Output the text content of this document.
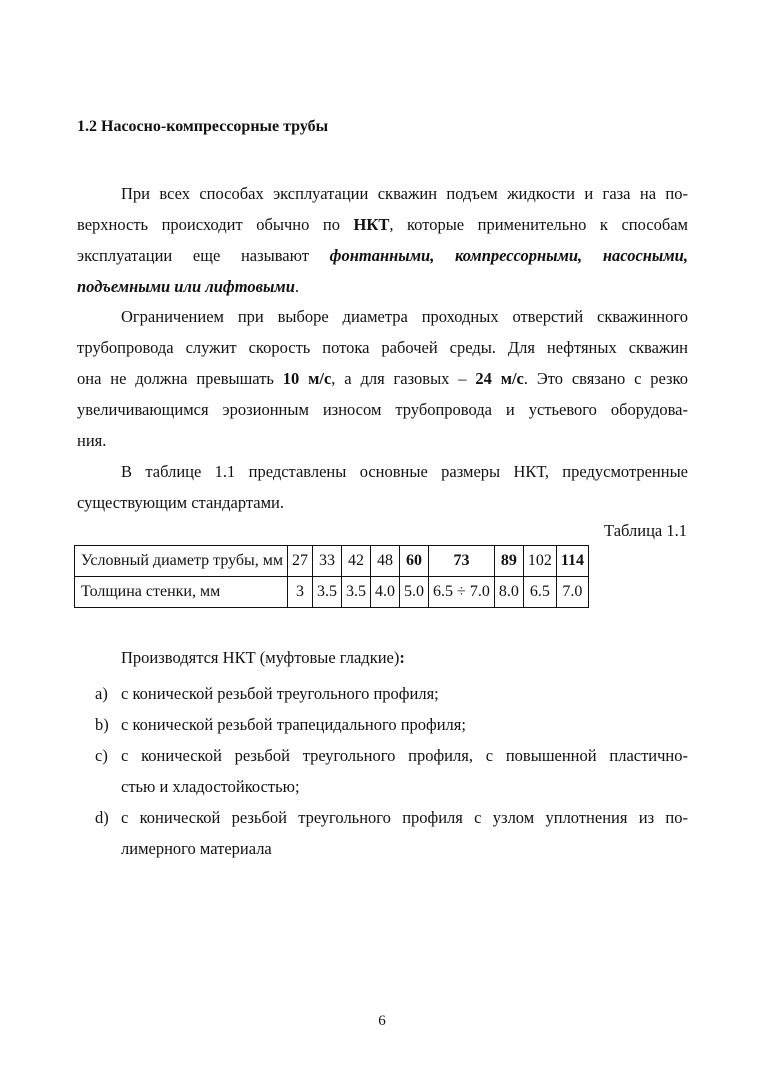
1.2 Насосно-компрессорные трубы

При всех способах эксплуатации скважин подъем жидкости и газа на по-
верхность происходит обычно по НКТ, которые применительно к способам
эксплуатации еще называют фонтанными, компрессорными, насосными,
подъемными или лифтовыми.

Ограничением при выборе диаметра проходных отверстий скважинного
трубопровода служит скорость потока рабочей среды. Для нефтяных скважин
она не должна превышать 10 м/с, а для газовых – 24 м/с. Это связано с резко
увеличивающимся эрозионным износом трубопровода и устьевого оборудова-
ния.

В таблице 1.1 представлены основные размеры НКТ, предусмотренные
существующим стандартами.

Таблица 1.1

Условный диаметр трубы, мм	27	33	42	48	60	73	89	102	114
Толщина стенки, мм	3	3.5	3.5	4.0	5.0	6.5 ÷ 7.0	8.0	6.5	7.0

Производятся НКТ (муфтовые гладкие):

a) с конической резьбой треугольного профиля;
b) с конической резьбой трапецидального профиля;
c) с конической резьбой треугольного профиля, с повышенной пластично-
стью и хладостойкостью;
d) с конической резьбой треугольного профиля с узлом уплотнения из по-
лимерного материала

6
